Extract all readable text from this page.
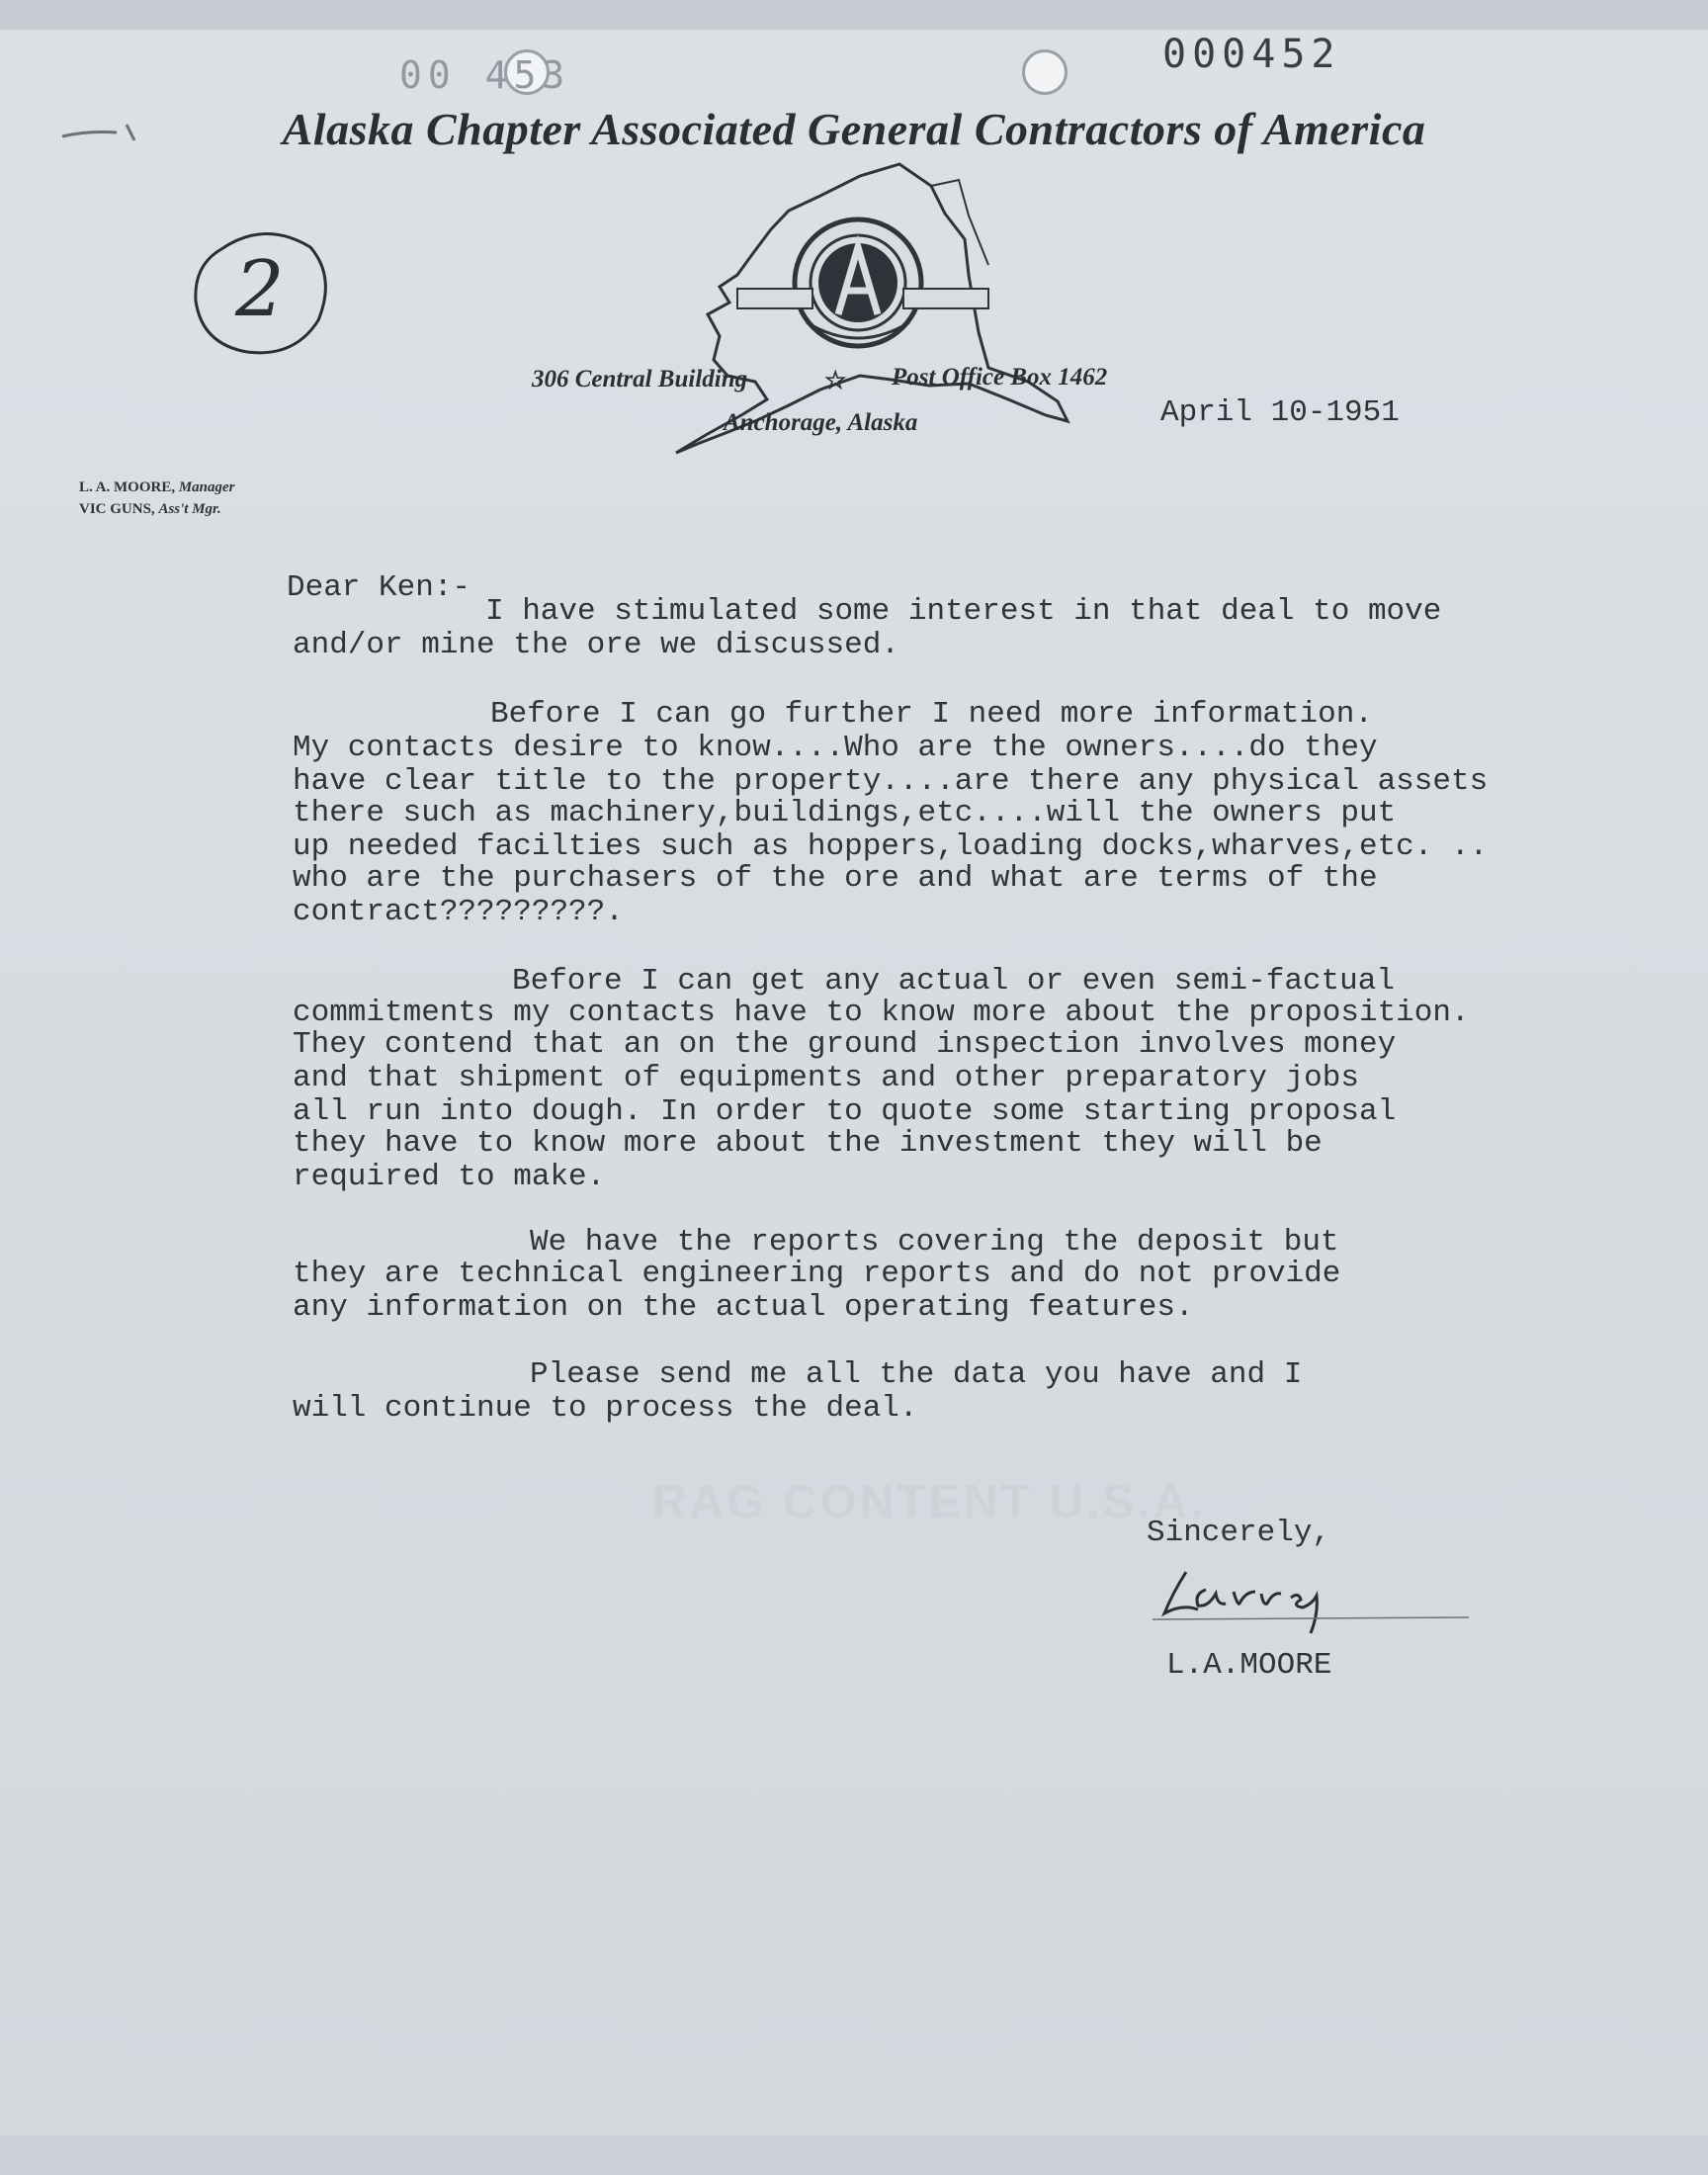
00 453	000452
Alaska Chapter Associated General Contractors of America
306 Central Building	☆ Post Office Box 1462
Anchorage, Alaska
L. A. MOORE, Manager
VIC GUNS, Ass't Mgr.
2
April 10-1951
Dear Ken:-
I have stimulated some interest in that deal to move
and/or mine the ore we discussed.
Before I can go further I need more information.
My contacts desire to know....Who are the owners....do they
have clear title to the property....are there any physical assets
there such as machinery,buildings,etc....will the owners put
up needed facilties such as hoppers,loading docks,wharves,etc. ..
who are the purchasers of the ore and what are terms of the
contract?????????.
Before I can get any actual or even semi-factual
commitments my contacts have to know more about the proposition.
They contend that an on the ground inspection involves money
and that shipment of equipments and other preparatory jobs
all run into dough. In order to quote some starting proposal
they have to know more about the investment they will be
required to make.
We have the reports covering the deposit but
they are technical engineering reports and do not provide
any information on the actual operating features.
Please send me all the data you have and I
will continue to process the deal.
RAG CONTENT U.S.A.
Sincerely,
L.A.MOORE
